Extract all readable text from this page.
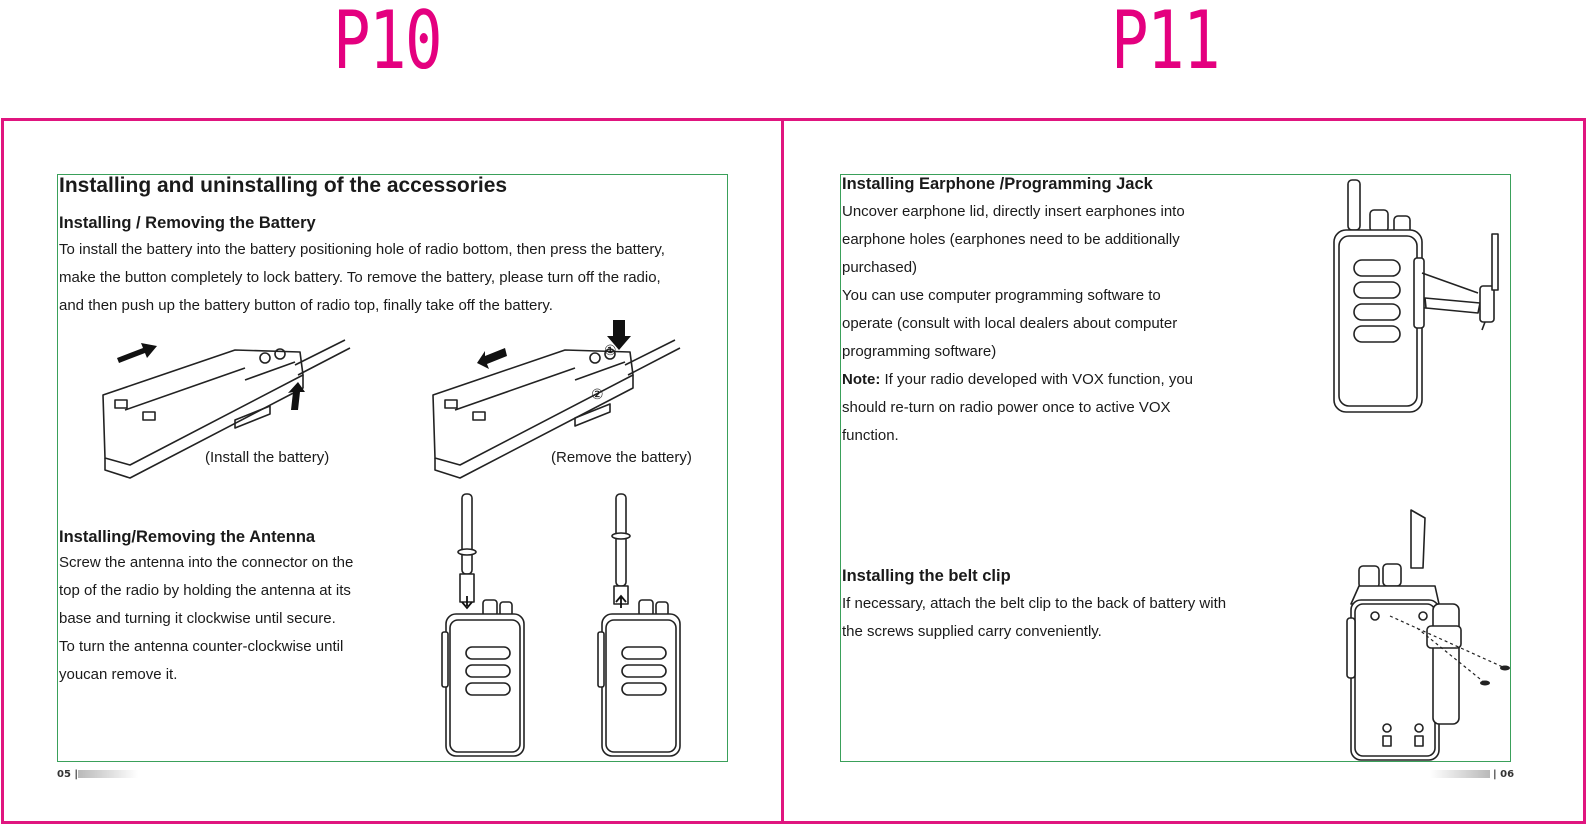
P10	P11
Installing and uninstalling of the accessories
Installing / Removing the Battery
To install the battery into the battery positioning hole of radio bottom, then press the battery,
make the button completely to lock battery. To remove the battery, please turn off the radio,
and then push up the battery button of radio top, finally take off the battery.
(Install the battery)
①
②
(Remove the battery)
Installing/Removing the Antenna
Screw the antenna into the connector on the
top of the radio by holding the antenna at its
base and turning it clockwise until secure.
To turn the antenna counter-clockwise until
youcan remove it.
05 |
Installing Earphone /Programming Jack
Uncover earphone lid, directly insert earphones into
earphone holes (earphones need to be additionally
purchased)
You can use computer programming software to
operate (consult with local dealers about computer
programming software)
Note: If your radio developed with VOX function, you
should re-turn on radio power once to active VOX
function.
Installing the belt clip
If necessary, attach the belt clip to the back of battery with
the screws supplied carry conveniently.
| 06
